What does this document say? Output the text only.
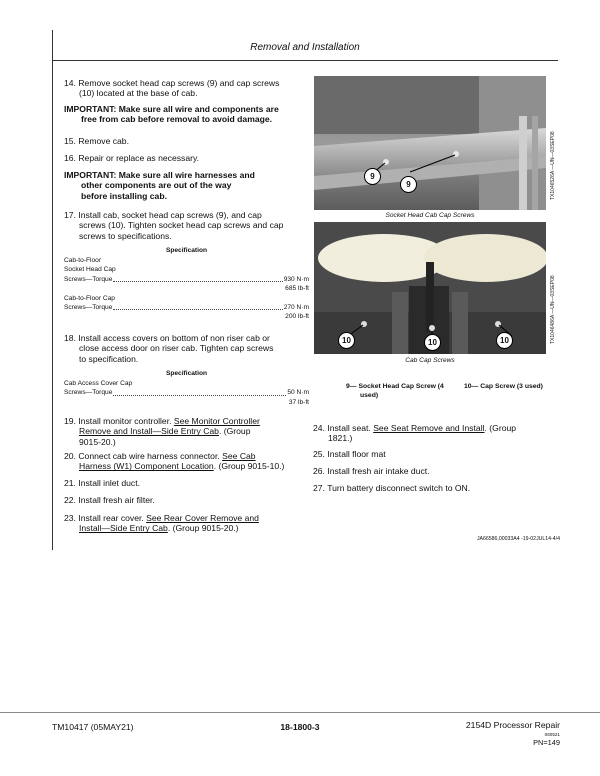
Removal and Installation
14. Remove socket head cap screws (9) and cap screws
(10) located at the base of cab.
IMPORTANT: Make sure all wire and components are
free from cab before removal to avoid damage.
15. Remove cab.
16. Repair or replace as necessary.
IMPORTANT: Make sure all wire harnesses and
other components are out of the way
before installing cab.
17. Install cab, socket head cap screws (9), and cap
screws (10). Tighten socket head cap screws and cap
screws to specifications.
Specification
Cab-to-Floor
Socket Head Cap
Screws—Torque	930 N·m
685 lb-ft
Cab-to-Floor Cap
Screws—Torque	270 N·m
200 lb-ft
18. Install access covers on bottom of non riser cab or
close access door on riser cab. Tighten cap screws
to specification.
Specification
Cab Access Cover Cap
Screws—Torque	50 N·m
37 lb-ft
19. Install monitor controller. See Monitor Controller
Remove and Install—Side Entry Cab. (Group
9015-20.)
20. Connect cab wire harness connector. See Cab
Harness (W1) Component Location. (Group 9015-10.)
21. Install inlet duct.
22. Install fresh air filter.
23. Install rear cover. See Rear Cover Remove and
Install—Side Entry Cab. (Group 9015-20.)
9
9	TX1046526A —UN—03SEP08
Socket Head Cab Cap Screws
10	10	10	TX1046486A —UN—03SEP08
Cab Cap Screws
9— Socket Head Cap Screw (4
used)
10— Cap Screw (3 used)
24. Install seat. See Seat Remove and Install. (Group
1821.)
25. Install floor mat
26. Install fresh air intake duct.
27. Turn battery disconnect switch to ON.
JA66586,00033A4 -19-02JUL14-4/4
TM10417 (05MAY21)	18-1800-3	2154D Processor Repair
060521
PN=149
